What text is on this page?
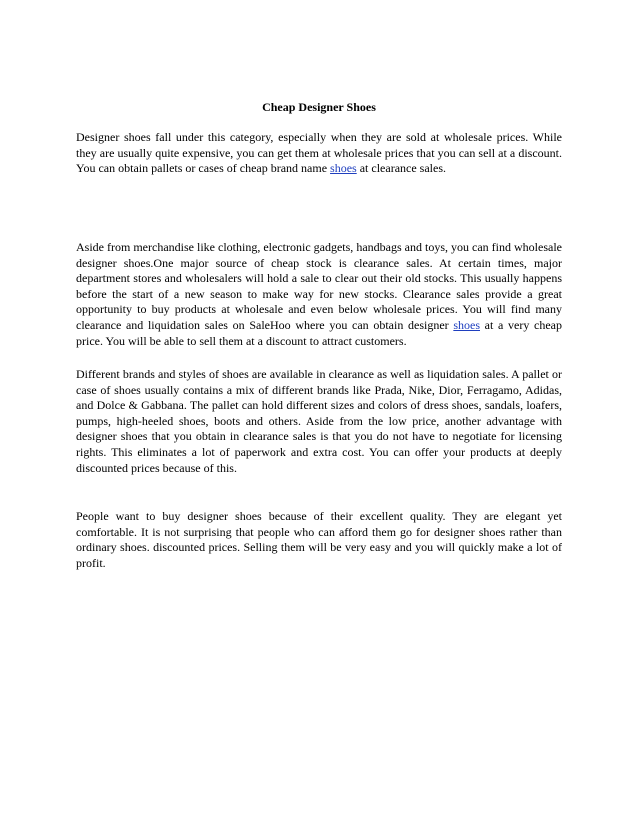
Cheap Designer Shoes

Designer shoes fall under this category, especially when they are sold at wholesale prices. While they are usually quite expensive, you can get them at wholesale prices that you can sell at a discount. You can obtain pallets or cases of cheap brand name shoes at clearance sales.

Aside from merchandise like clothing, electronic gadgets, handbags and toys, you can find wholesale designer shoes.One major source of cheap stock is clearance sales. At certain times, major department stores and wholesalers will hold a sale to clear out their old stocks. This usually happens before the start of a new season to make way for new stocks. Clearance sales provide a great opportunity to buy products at wholesale and even below wholesale prices. You will find many clearance and liquidation sales on SaleHoo where you can obtain designer shoes at a very cheap price. You will be able to sell them at a discount to attract customers.

Different brands and styles of shoes are available in clearance as well as liquidation sales. A pallet or case of shoes usually contains a mix of different brands like Prada, Nike, Dior, Ferragamo, Adidas, and Dolce & Gabbana. The pallet can hold different sizes and colors of dress shoes, sandals, loafers, pumps, high-heeled shoes, boots and others. Aside from the low price, another advantage with designer shoes that you obtain in clearance sales is that you do not have to negotiate for licensing rights. This eliminates a lot of paperwork and extra cost. You can offer your products at deeply discounted prices because of this.

People want to buy designer shoes because of their excellent quality. They are elegant yet comfortable. It is not surprising that people who can afford them go for designer shoes rather than ordinary shoes. discounted prices. Selling them will be very easy and you will quickly make a lot of profit.
